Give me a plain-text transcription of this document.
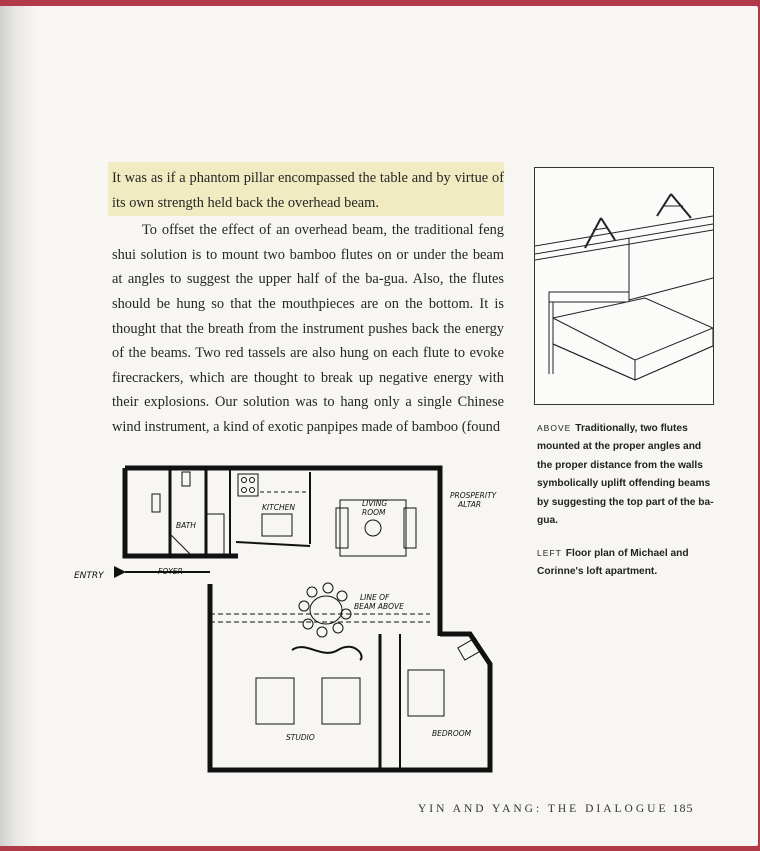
It was as if a phantom pillar encompassed the table and by virtue of its own strength held back the overhead beam.

To offset the effect of an overhead beam, the traditional feng shui solution is to mount two bamboo flutes on or under the beam at angles to suggest the upper half of the ba-gua. Also, the flutes should be hung so that the mouthpieces are on the bottom. It is thought that the breath from the instrument pushes back the energy of the beams. Two red tassels are also hung on each flute to evoke firecrackers, which are thought to break up negative energy with their explosions. Our solution was to hang only a single Chinese wind instrument, a kind of exotic panpipes made of bamboo (found	ABOVE Traditionally, two flutes mounted at the proper angles and the proper distance from the walls symbolically uplift offending beams by suggesting the top part of the ba-gua.
LEFT Floor plan of Michael and Corinne's loft apartment.
ENTRY	FOYER
BATH
KITCHEN	LIVING
ROOM
PROSPERITY
ALTAR
LINE OF
BEAM ABOVE
STUDIO	BEDROOM
YIN AND YANG: THE DIALOGUE 185
